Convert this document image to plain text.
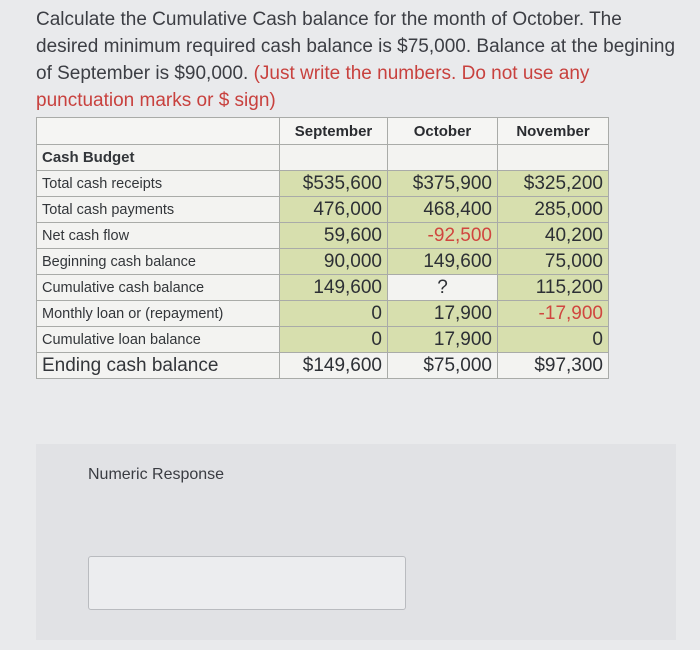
Calculate the Cumulative Cash balance for the month of October. The desired minimum required cash balance is $75,000. Balance at the begining of September is $90,000. (Just write the numbers. Do not use any punctuation marks or $ sign)
	September	October	November
Cash Budget			
Total cash receipts	$535,600	$375,900	$325,200
Total cash payments	476,000	468,400	285,000
Net cash flow	59,600	-92,500	40,200
Beginning cash balance	90,000	149,600	75,000
Cumulative cash balance	149,600	?	115,200
Monthly loan or (repayment)	0	17,900	-17,900
Cumulative loan balance	0	17,900	0
Ending cash balance	$149,600	$75,000	$97,300
Numeric Response
